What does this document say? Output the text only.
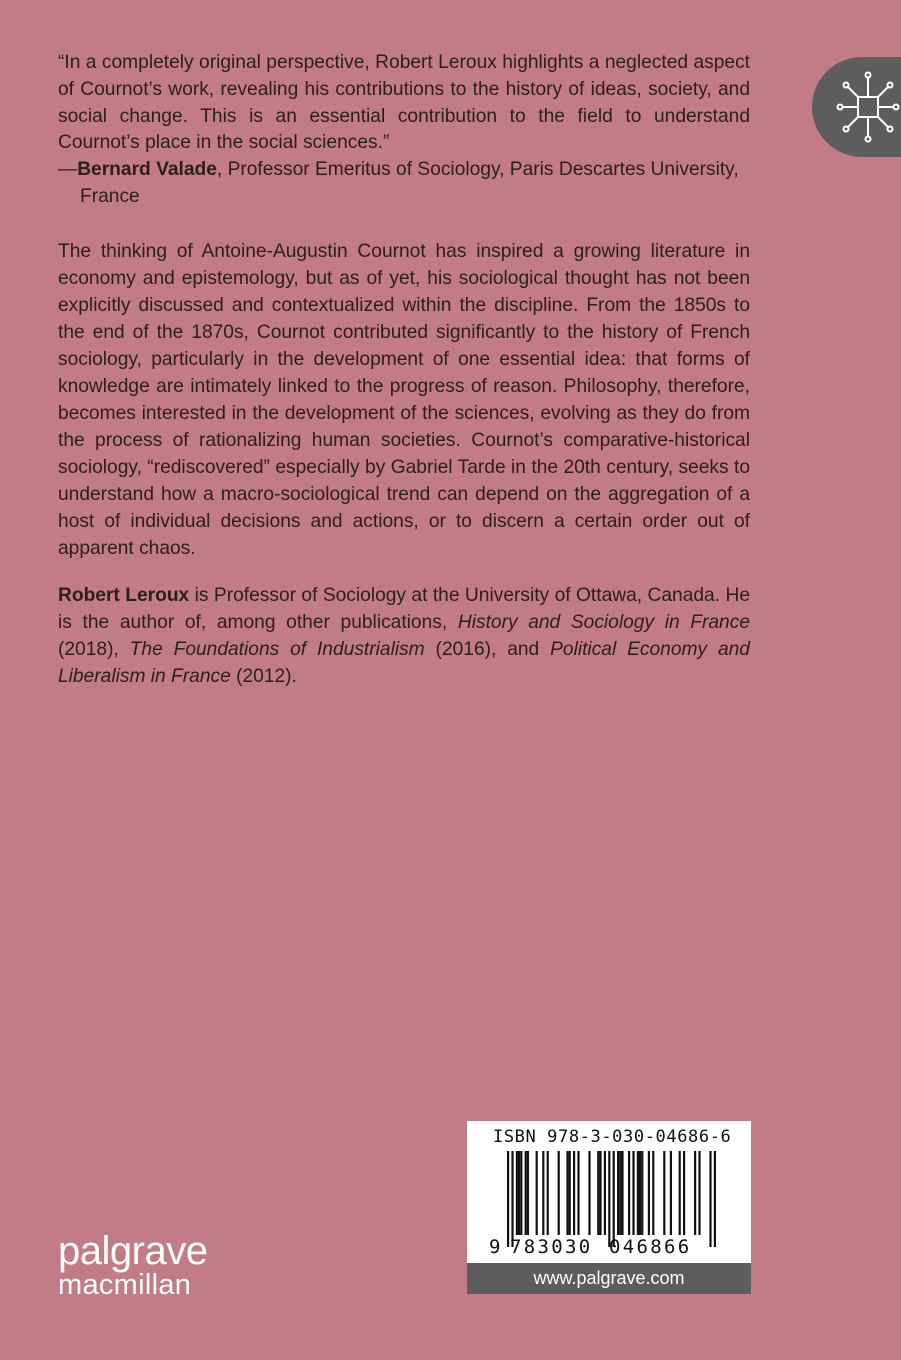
“In a completely original perspective, Robert Leroux highlights a neglected aspect of Cournot’s work, revealing his contributions to the history of ideas, society, and social change. This is an essential contribution to the field to understand Cournot’s place in the social sciences.”
—Bernard Valade, Professor Emeritus of Sociology, Paris Descartes University,
France

The thinking of Antoine-Augustin Cournot has inspired a growing literature in economy and epistemology, but as of yet, his sociological thought has not been explicitly discussed and contextualized within the discipline. From the 1850s to the end of the 1870s, Cournot contributed significantly to the history of French sociology, particularly in the development of one essential idea: that forms of knowledge are intimately linked to the progress of reason. Philosophy, therefore, becomes interested in the development of the sciences, evolving as they do from the process of rationalizing human societies. Cournot’s comparative-historical sociology, “rediscovered” especially by Gabriel Tarde in the 20th century, seeks to understand how a macro-sociological trend can depend on the aggregation of a host of individual decisions and actions, or to discern a certain order out of apparent chaos.

Robert Leroux is Professor of Sociology at the University of Ottawa, Canada. He is the author of, among other publications, History and Sociology in France (2018), The Foundations of Industrialism (2016), and Political Economy and Liberalism in France (2012).

palgrave
macmillan
ISBN 978-3-030-04686-6
9 783030 046866
www.palgrave.com
